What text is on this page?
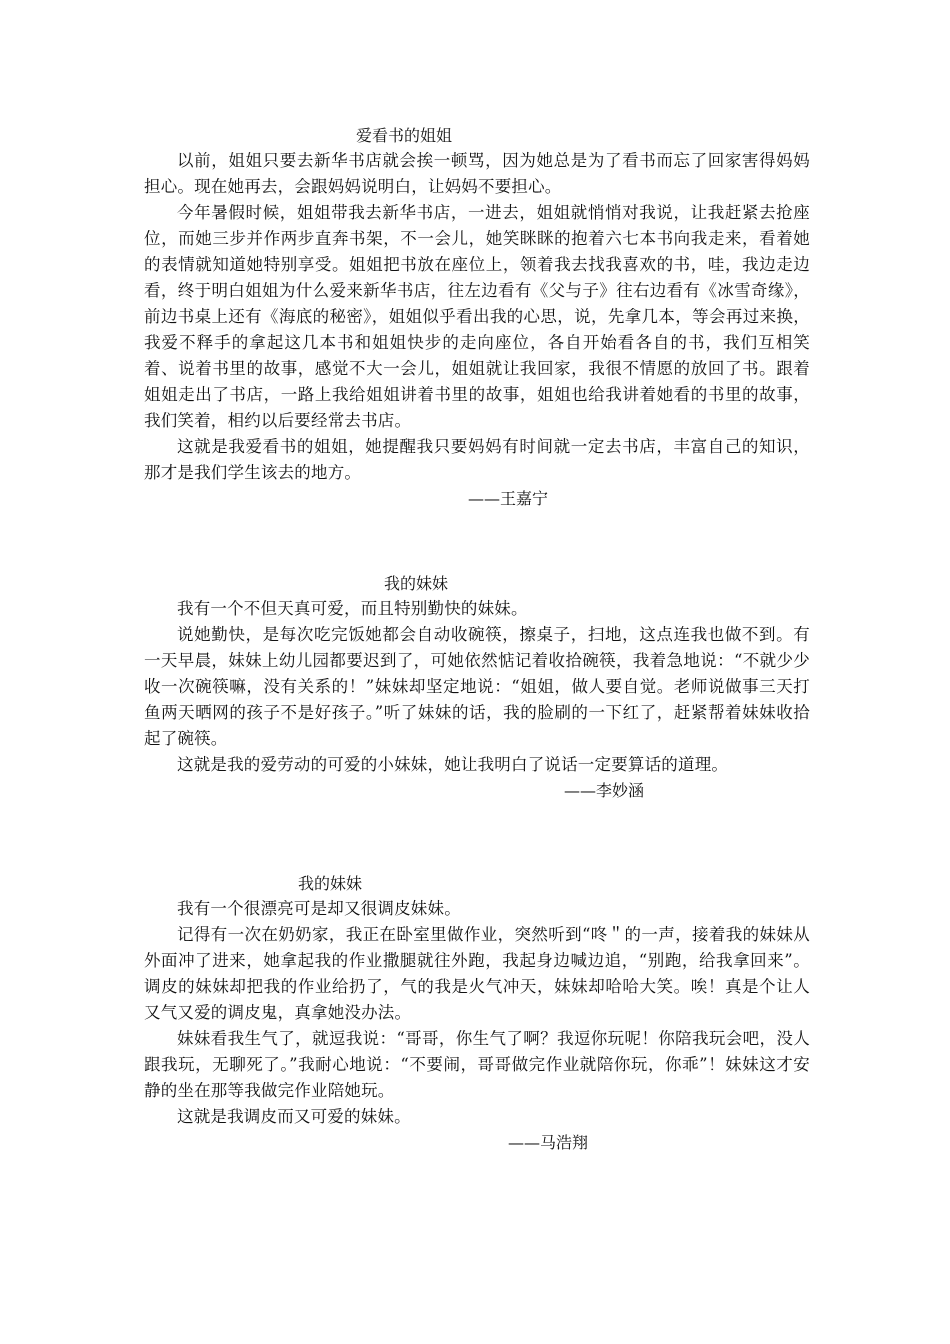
爱看书的姐姐

以前，姐姐只要去新华书店就会挨一顿骂，因为她总是为了看书而忘了回家害得妈妈担心。现在她再去，会跟妈妈说明白，让妈妈不要担心。

今年暑假时候，姐姐带我去新华书店，一进去，姐姐就悄悄对我说，让我赶紧去抢座位，而她三步并作两步直奔书架，不一会儿，她笑眯眯的抱着六七本书向我走来，看着她的表情就知道她特别享受。姐姐把书放在座位上，领着我去找我喜欢的书，哇，我边走边看，终于明白姐姐为什么爱来新华书店，往左边看有《父与子》往右边看有《冰雪奇缘》，前边书桌上还有《海底的秘密》，姐姐似乎看出我的心思，说，先拿几本，等会再过来换，我爱不释手的拿起这几本书和姐姐快步的走向座位，各自开始看各自的书，我们互相笑着、说着书里的故事，感觉不大一会儿，姐姐就让我回家，我很不情愿的放回了书。跟着姐姐走出了书店，一路上我给姐姐讲着书里的故事，姐姐也给我讲着她看的书里的故事，我们笑着，相约以后要经常去书店。

这就是我爱看书的姐姐，她提醒我只要妈妈有时间就一定去书店，丰富自己的知识，那才是我们学生该去的地方。

——王嘉宁
我的妹妹

我有一个不但天真可爱，而且特别勤快的妹妹。

说她勤快，是每次吃完饭她都会自动收碗筷，擦桌子，扫地，这点连我也做不到。有一天早晨，妹妹上幼儿园都要迟到了，可她依然惦记着收拾碗筷，我着急地说：“不就少少收一次碗筷嘛，没有关系的！”妹妹却坚定地说：“姐姐，做人要自觉。老师说做事三天打鱼两天晒网的孩子不是好孩子。”听了妹妹的话，我的脸刷的一下红了，赶紧帮着妹妹收拾起了碗筷。

这就是我的爱劳动的可爱的小妹妹，她让我明白了说话一定要算话的道理。

——李妙涵
我的妹妹

我有一个很漂亮可是却又很调皮妹妹。

记得有一次在奶奶家，我正在卧室里做作业，突然听到“咚＂的一声，接着我的妹妹从外面冲了进来，她拿起我的作业撒腿就往外跑，我起身边喊边追，“别跑，给我拿回来”。调皮的妹妹却把我的作业给扔了，气的我是火气冲天，妹妹却哈哈大笑。唉！真是个让人又气又爱的调皮鬼，真拿她没办法。

妹妹看我生气了，就逗我说：“哥哥，你生气了啊？我逗你玩呢！你陪我玩会吧，没人跟我玩，无聊死了。”我耐心地说：“不要闹，哥哥做完作业就陪你玩，你乖”！妹妹这才安静的坐在那等我做完作业陪她玩。

这就是我调皮而又可爱的妹妹。

——马浩翔
